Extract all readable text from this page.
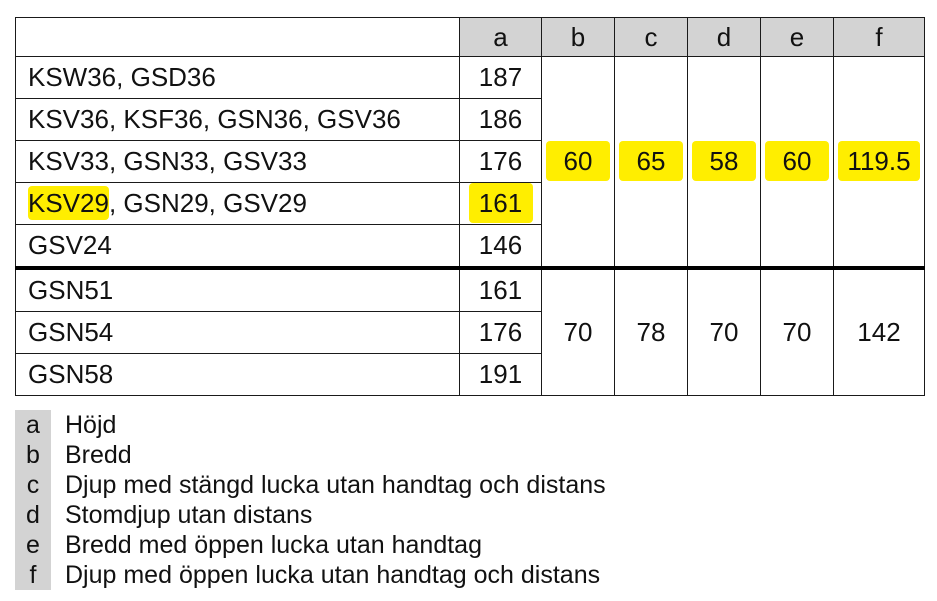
	a	b	c	d	e	f
KSW36, GSD36	187	60	65	58	60	119.5
KSV36, KSF36, GSN36, GSV36	186					
KSV33, GSN33, GSV33	176					
KSV29, GSN29, GSV29	161					
GSV24	146					
GSN51	161	70	78	70	70	142
GSN54	176					
GSN58	191					
a	Höjd
b	Bredd
c	Djup med stängd lucka utan handtag och distans
d	Stomdjup utan distans
e	Bredd med öppen lucka utan handtag
f	Djup med öppen lucka utan handtag och distans
